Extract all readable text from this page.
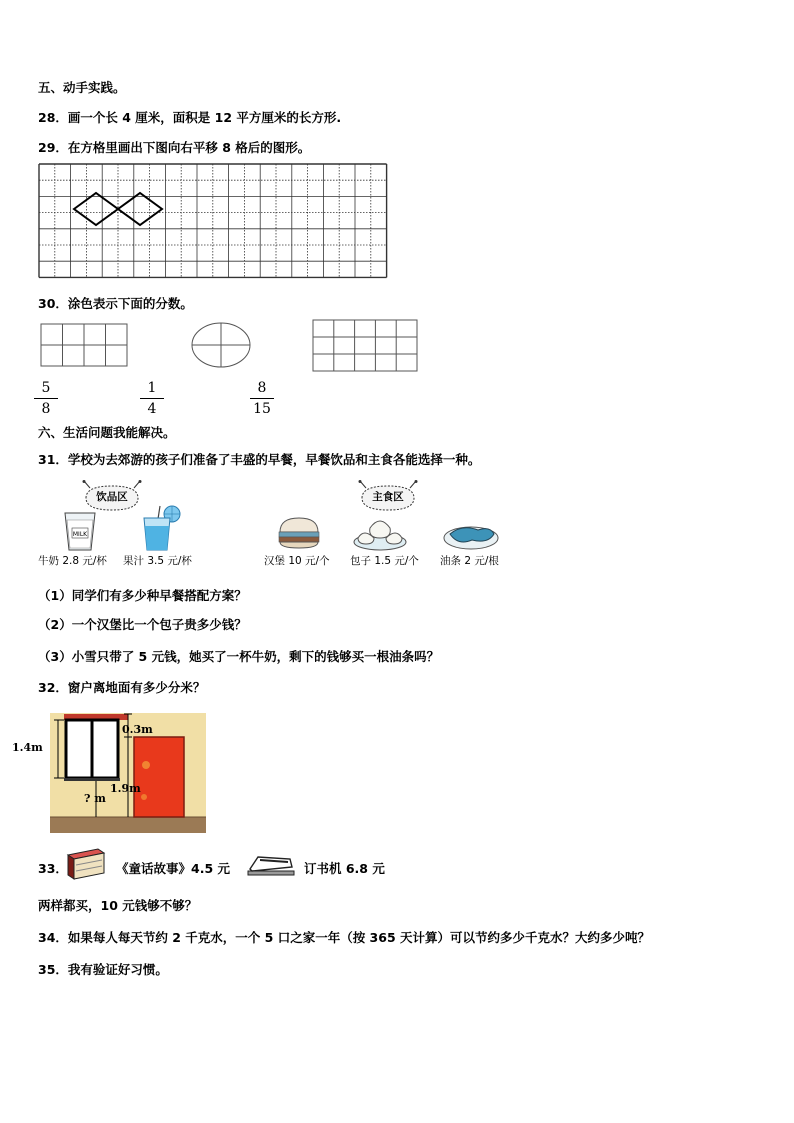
五、动手实践。
28．画一个长 4 厘米，面积是 12 平方厘米的长方形.
29．在方格里画出下图向右平移 8 格后的图形。
30．涂色表示下面的分数。
5
8
1
4
8
15
六、生活问题我能解决。
31．学校为去郊游的孩子们准备了丰盛的早餐，早餐饮品和主食各能选择一种。
饮品区	主食区
MILK
牛奶 2.8 元/杯 果汁 3.5 元/杯	汉堡 10 元/个 包子 1.5 元/个 油条 2 元/根
（1）同学们有多少种早餐搭配方案？
（2）一个汉堡比一个包子贵多少钱？
（3）小雪只带了 5 元钱，她买了一杯牛奶，剩下的钱够买一根油条吗？
32．窗户离地面有多少分米？
1.4m
0.3m
1.9m
? m
33．	《童话故事》4.5 元	订书机 6.8 元
两样都买，10 元钱够不够？
34．如果每人每天节约 2 千克水，一个 5 口之家一年（按 365 天计算）可以节约多少千克水？大约多少吨？
35．我有验证好习惯。
